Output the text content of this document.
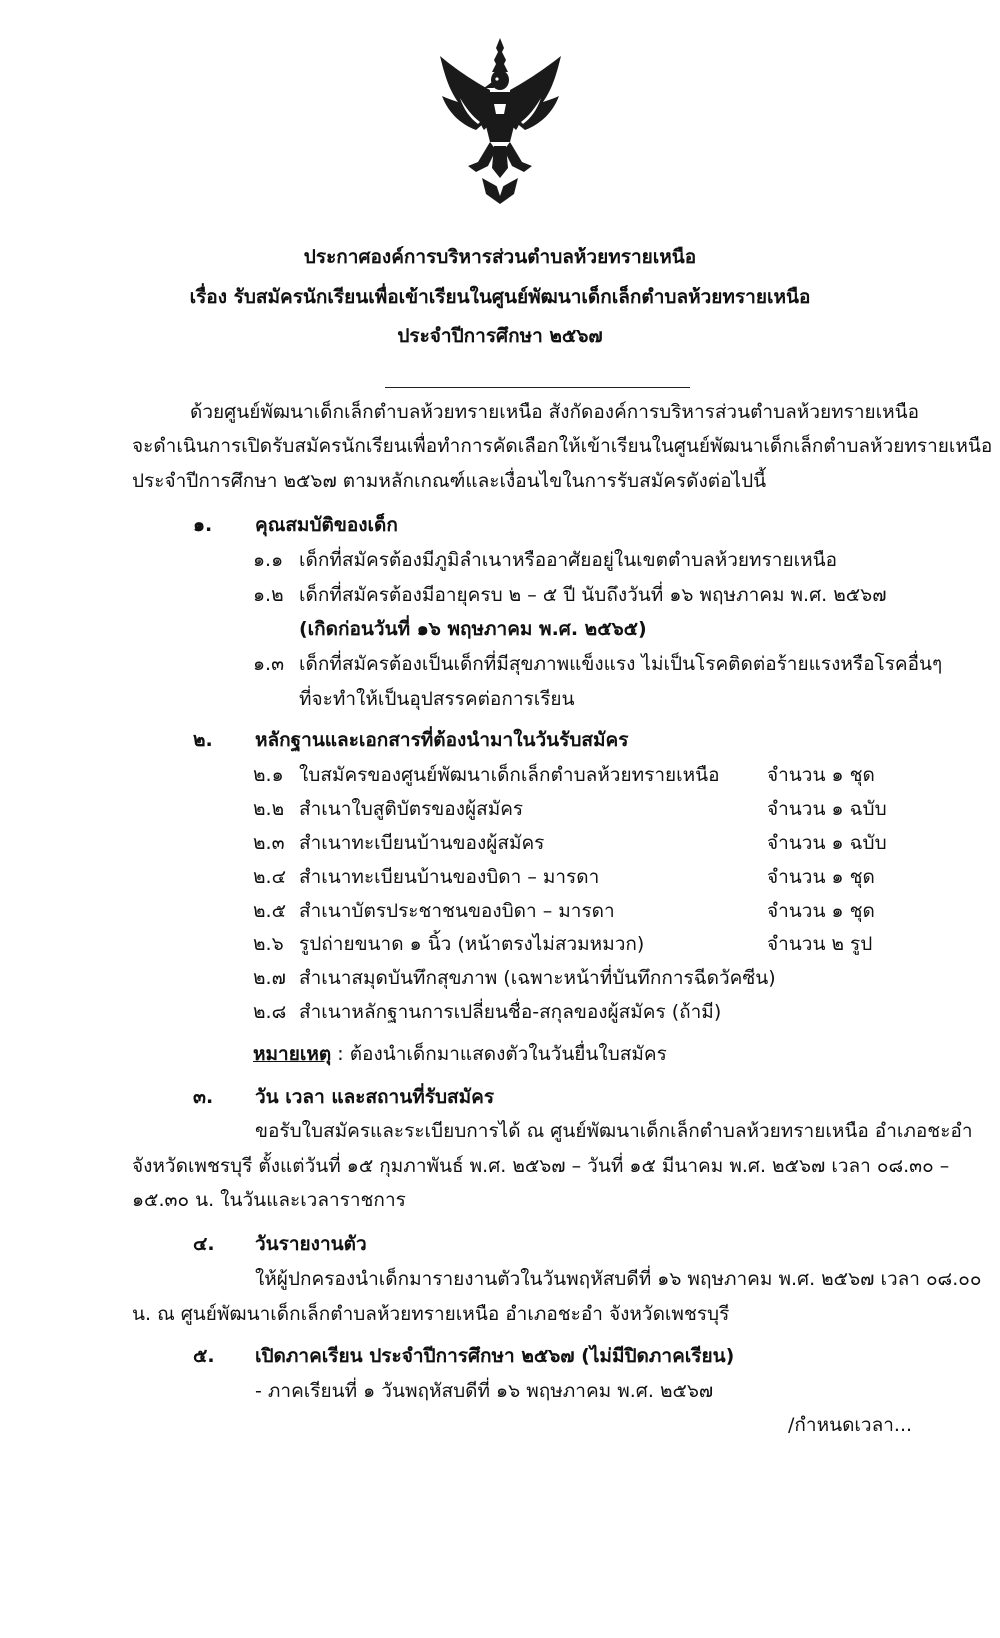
ประกาศองค์การบริหารส่วนตำบลห้วยทรายเหนือ
เรื่อง รับสมัครนักเรียนเพื่อเข้าเรียนในศูนย์พัฒนาเด็กเล็กตำบลห้วยทรายเหนือ
ประจำปีการศึกษา ๒๕๖๗
ด้วยศูนย์พัฒนาเด็กเล็กตำบลห้วยทรายเหนือ สังกัดองค์การบริหารส่วนตำบลห้วยทรายเหนือ
จะดำเนินการเปิดรับสมัครนักเรียนเพื่อทำการคัดเลือกให้เข้าเรียนในศูนย์พัฒนาเด็กเล็กตำบลห้วยทรายเหนือ
ประจำปีการศึกษา ๒๕๖๗ ตามหลักเกณฑ์และเงื่อนไขในการรับสมัครดังต่อไปนี้
๑. คุณสมบัติของเด็ก
๑.๑ เด็กที่สมัครต้องมีภูมิลำเนาหรืออาศัยอยู่ในเขตตำบลห้วยทรายเหนือ
๑.๒ เด็กที่สมัครต้องมีอายุครบ ๒ – ๕ ปี นับถึงวันที่ ๑๖ พฤษภาคม พ.ศ. ๒๕๖๗
(เกิดก่อนวันที่ ๑๖ พฤษภาคม พ.ศ. ๒๕๖๕)
๑.๓ เด็กที่สมัครต้องเป็นเด็กที่มีสุขภาพแข็งแรง ไม่เป็นโรคติดต่อร้ายแรงหรือโรคอื่นๆ
ที่จะทำให้เป็นอุปสรรคต่อการเรียน
๒. หลักฐานและเอกสารที่ต้องนำมาในวันรับสมัคร
๒.๑ ใบสมัครของศูนย์พัฒนาเด็กเล็กตำบลห้วยทรายเหนือ จำนวน ๑ ชุด
๒.๒ สำเนาใบสูติบัตรของผู้สมัคร	จำนวน ๑ ฉบับ
๒.๓ สำเนาทะเบียนบ้านของผู้สมัคร	จำนวน ๑ ฉบับ
๒.๔ สำเนาทะเบียนบ้านของบิดา – มารดา	จำนวน ๑ ชุด
๒.๕ สำเนาบัตรประชาชนของบิดา – มารดา	จำนวน ๑ ชุด
๒.๖ รูปถ่ายขนาด ๑ นิ้ว (หน้าตรงไม่สวมหมวก)	จำนวน ๒ รูป
๒.๗ สำเนาสมุดบันทึกสุขภาพ (เฉพาะหน้าที่บันทึกการฉีดวัคซีน)
๒.๘ สำเนาหลักฐานการเปลี่ยนชื่อ-สกุลของผู้สมัคร (ถ้ามี)
หมายเหตุ : ต้องนำเด็กมาแสดงตัวในวันยื่นใบสมัคร
๓. วัน เวลา และสถานที่รับสมัคร
ขอรับใบสมัครและระเบียบการได้ ณ ศูนย์พัฒนาเด็กเล็กตำบลห้วยทรายเหนือ อำเภอชะอำ
จังหวัดเพชรบุรี ตั้งแต่วันที่ ๑๕ กุมภาพันธ์ พ.ศ. ๒๕๖๗ – วันที่ ๑๕ มีนาคม พ.ศ. ๒๕๖๗ เวลา ๐๘.๓๐ –
๑๕.๓๐ น. ในวันและเวลาราชการ
๔. วันรายงานตัว
ให้ผู้ปกครองนำเด็กมารายงานตัวในวันพฤหัสบดีที่ ๑๖ พฤษภาคม พ.ศ. ๒๕๖๗ เวลา ๐๘.๐๐
น. ณ ศูนย์พัฒนาเด็กเล็กตำบลห้วยทรายเหนือ อำเภอชะอำ จังหวัดเพชรบุรี
๕. เปิดภาคเรียน ประจำปีการศึกษา ๒๕๖๗ (ไม่มีปิดภาคเรียน)
- ภาคเรียนที่ ๑ วันพฤหัสบดีที่ ๑๖ พฤษภาคม พ.ศ. ๒๕๖๗
/กำหนดเวลา...
